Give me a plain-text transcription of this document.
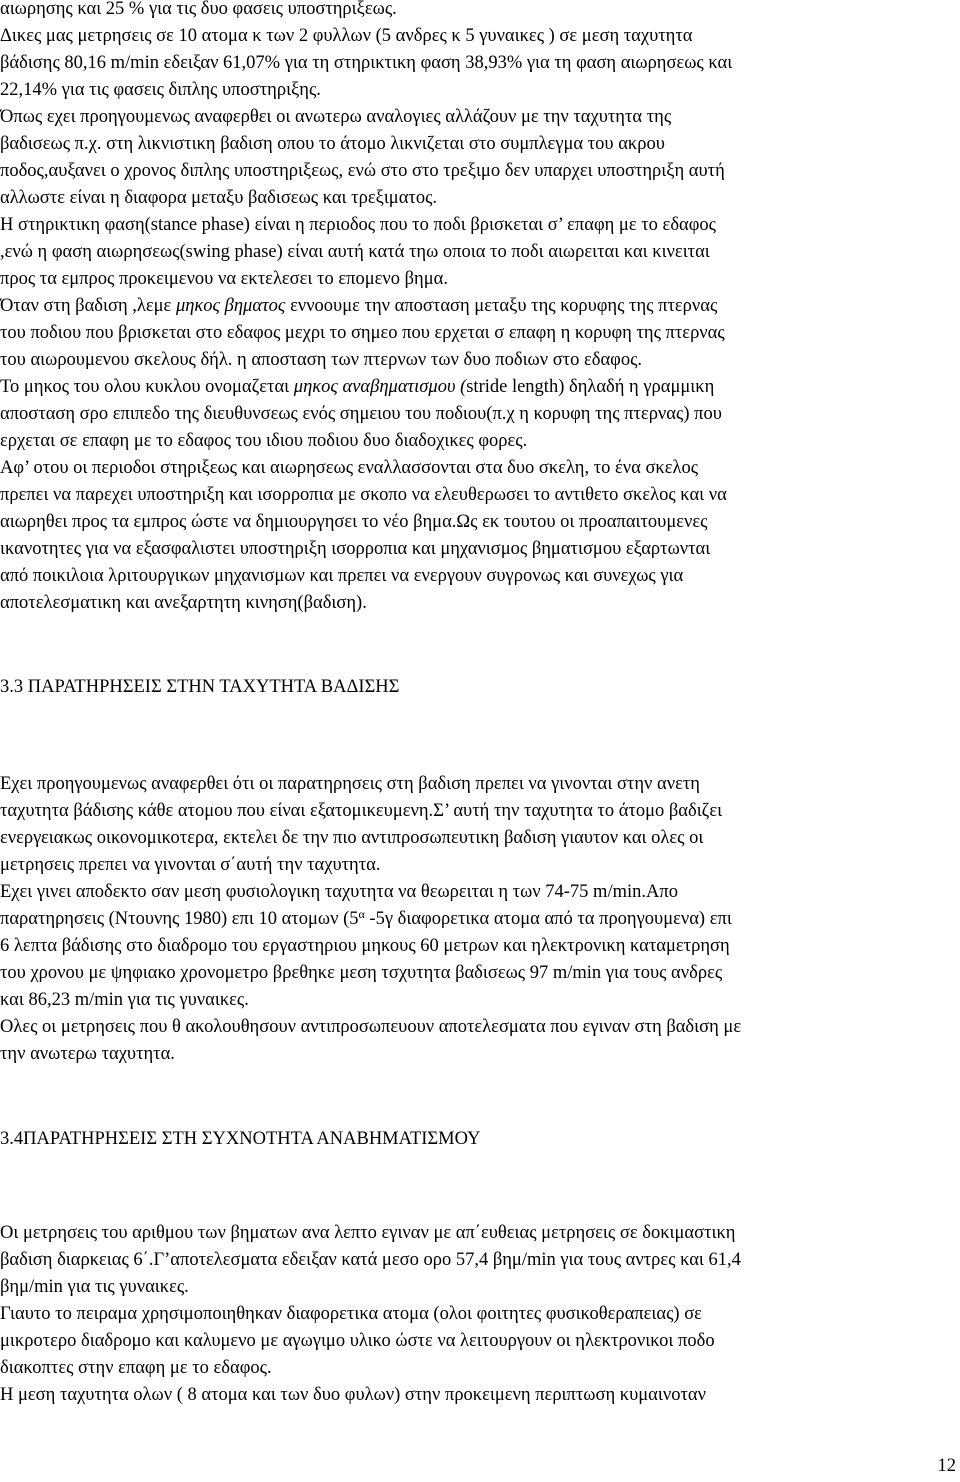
αιωρησης και 25 % για τις δυο φασεις υποστηριξεως.
Δικες μας μετρησεις σε 10 ατομα κ των 2 φυλλων (5 ανδρες κ 5 γυναικες ) σε μεση ταχυτητα
βάδισης 80,16 m/min εδειξαν 61,07% για τη στηρικτικη φαση 38,93% για τη φαση αιωρησεως και
22,14% για τις φασεις διπλης υποστηριξης.
Όπως εχει προηγουμενως αναφερθει οι ανωτερω αναλογιες αλλάζουν με την ταχυτητα της
βαδισεως π.χ. στη λικνιστικη βαδιση οπου το άτομο λικνιζεται στο συμπλεγμα του ακρου
ποδος,αυξανει ο χρονος διπλης υποστηριξεως, ενώ στο στο τρεξιμο δεν υπαρχει υποστηριξη αυτή
αλλωστε είναι η διαφορα μεταξυ βαδισεως και τρεξιματος.
Η στηρικτικη φαση(stance phase) είναι η περιοδος που το ποδι βρισκεται σ’ επαφη με το εδαφος
,ενώ η φαση αιωρησεως(swing phase) είναι αυτή κατά τηω οποια το ποδι αιωρειται και κινειται
προς τα εμπρος προκειμενου να εκτελεσει το επομενο βημα.
Όταν στη βαδιση ,λεμε μηκος βηματος εννοουμε την αποσταση μεταξυ της κορυφης της πτερνας
του ποδιου που βρισκεται στο εδαφος μεχρι το σημεο που ερχεται σ επαφη η κορυφη της πτερνας
του αιωρουμενου σκελους δήλ. η αποσταση των πτερνων των δυο ποδιων στο εδαφος.
Το μηκος του ολου κυκλου ονομαζεται μηκος αναβηματισμου (stride length) δηλαδή η γραμμικη
αποσταση σρο επιπεδο της διευθυνσεως ενός σημειου του ποδιου(π.χ η κορυφη της πτερνας) που
ερχεται σε επαφη με το εδαφος του ιδιου ποδιου δυο διαδοχικες φορες.
Αφ’ οτου οι περιοδοι στηριξεως και αιωρησεως εναλλασσονται στα δυο σκελη, το ένα σκελος
πρεπει να παρεχει υποστηριξη και ισορροπια με σκοπο να ελευθερωσει το αντιθετο σκελος και να
αιωρηθει προς τα εμπρος ώστε να δημιουργησει το νέο βημα.Ως εκ τουτου οι προαπαιτουμενες
ικανοτητες για να εξασφαλιστει υποστηριξη ισορροπια και μηχανισμος βηματισμου εξαρτωνται
από ποικιλοια λριτουργικων μηχανισμων και πρεπει να ενεργουν συγρονως και συνεχως για
αποτελεσματικη και ανεξαρτητη κινηση(βαδιση).
3.3 ΠΑΡΑΤΗΡΗΣΕΙΣ ΣΤΗΝ ΤΑΧΥΤΗΤΑ ΒΑΔΙΣΗΣ
Εχει προηγουμενως αναφερθει ότι οι παρατηρησεις στη βαδιση πρεπει να γινονται στην ανετη
ταχυτητα βάδισης κάθε ατομου που είναι εξατομικευμενη.Σ’ αυτή την ταχυτητα το άτομο βαδιζει
ενεργειακως οικονομικοτερα, εκτελει δε την πιο αντιπροσωπευτικη βαδιση γιαυτον και ολες οι
μετρησεις πρεπει να γινονται σ΄αυτή την ταχυτητα.
Εχει γινει αποδεκτο σαν μεση φυσιολογικη ταχυτητα να θεωρειται η των 74-75 m/min.Απο
παρατηρησεις (Ντουνης 1980) επι 10 ατομων ($5^\alpha$ -5γ διαφορετικα ατομα από τα προηγουμενα) επι
6 λεπτα βάδισης στο διαδρομο του εργαστηριου μηκους 60 μετρων και ηλεκτρονικη καταμετρηση
του χρονου με ψηφιακο χρονομετρο βρεθηκε μεση τσχυτητα βαδισεως 97 m/min για τους ανδρες
και 86,23 m/min για τις γυναικες.
Ολες οι μετρησεις που θ ακολουθησουν αντιπροσωπευουν αποτελεσματα που εγιναν στη βαδιση με
την ανωτερω ταχυτητα.
3.4ΠΑΡΑΤΗΡΗΣΕΙΣ ΣΤΗ ΣΥΧΝΟΤΗΤΑ ΑΝΑΒΗΜΑΤΙΣΜΟΥ
Οι μετρησεις του αριθμου των βηματων ανα λεπτο εγιναν με απ΄ευθειας μετρησεις σε δοκιμαστικη
βαδιση διαρκειας 6΄.Γ’αποτελεσματα εδειξαν κατά μεσο ορο 57,4 βημ/min για τους αντρες και 61,4
βημ/min για τις γυναικες.
Γιαυτο το πειραμα χρησιμοποιηθηκαν διαφορετικα ατομα (ολοι φοιτητες φυσικοθεραπειας) σε
μικροτερο διαδρομο και καλυμενο με αγωγιμο υλικο ώστε να λειτουργουν οι ηλεκτρονικοι ποδο
διακοπτες στην επαφη με το εδαφος.
Η μεση ταχυτητα ολων ( 8 ατομα και των δυο φυλων) στην προκειμενη περιπτωση κυμαινοταν
12
